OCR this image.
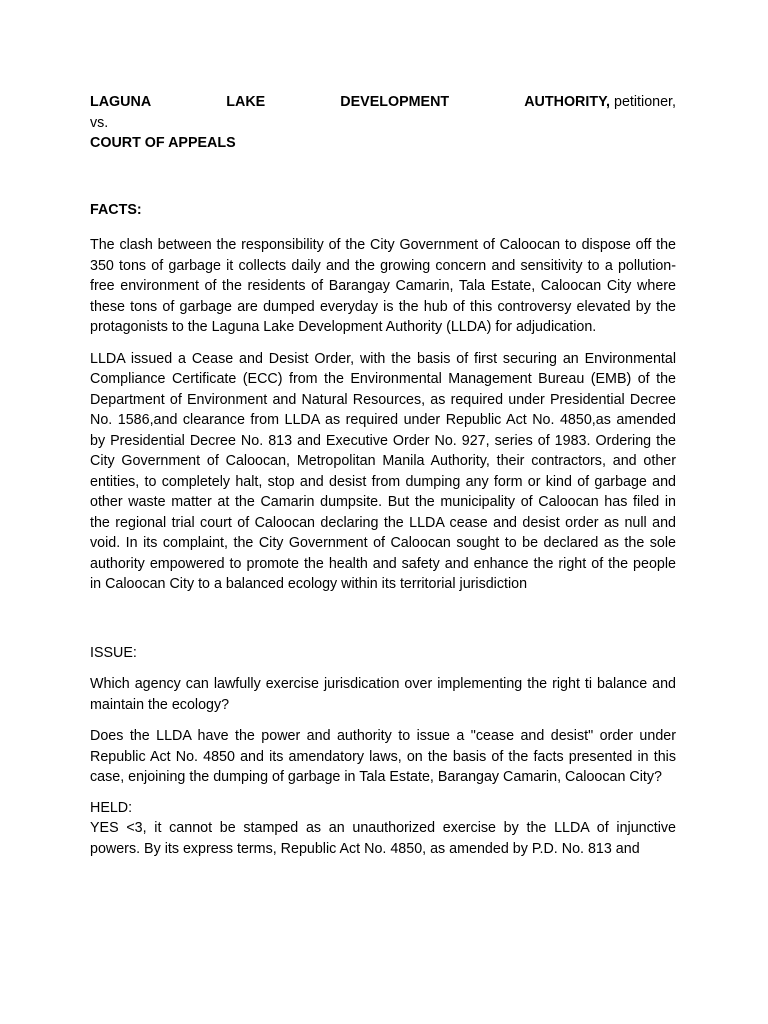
LAGUNA	LAKE	DEVELOPMENT	AUTHORITY, petitioner,
vs.
COURT OF APPEALS
FACTS:

The clash between the responsibility of the City Government of Caloocan to dispose off the 350 tons of garbage it collects daily and the growing concern and sensitivity to a pollution-free environment of the residents of Barangay Camarin, Tala Estate, Caloocan City where these tons of garbage are dumped everyday is the hub of this controversy elevated by the protagonists to the Laguna Lake Development Authority (LLDA) for adjudication.

LLDA issued a Cease and Desist Order, with the basis of first securing an Environmental Compliance Certificate (ECC) from the Environmental Management Bureau (EMB) of the Department of Environment and Natural Resources, as required under Presidential Decree No. 1586,and clearance from LLDA as required under Republic Act No. 4850,as amended by Presidential Decree No. 813 and Executive Order No. 927, series of 1983. Ordering the City Government of Caloocan, Metropolitan Manila Authority, their contractors, and other entities, to completely halt, stop and desist from dumping any form or kind of garbage and other waste matter at the Camarin dumpsite. But the municipality of Caloocan has filed in the regional trial court of Caloocan declaring the LLDA cease and desist order as null and void. In its complaint, the City Government of Caloocan sought to be declared as the sole authority empowered to promote the health and safety and enhance the right of the people in Caloocan City to a balanced ecology within its territorial jurisdiction

ISSUE:

Which agency can lawfully exercise jurisdication over implementing the right ti balance and maintain the ecology?

Does the LLDA have the power and authority to issue a "cease and desist" order under Republic Act No. 4850 and its amendatory laws, on the basis of the facts presented in this case, enjoining the dumping of garbage in Tala Estate, Barangay Camarin, Caloocan City?

HELD:

YES <3, it cannot be stamped as an unauthorized exercise by the LLDA of injunctive powers. By its express terms, Republic Act No. 4850, as amended by P.D. No. 813 and
